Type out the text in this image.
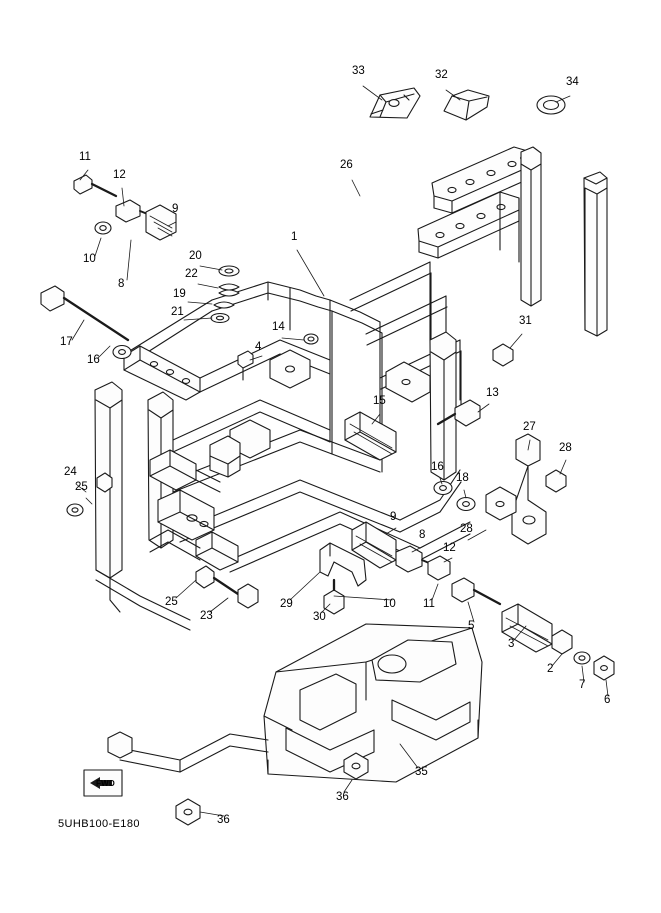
33	32
34
26
11
12
9
10
8
1
20
22
19
21
14	31
17
16
4
13
15
27
28
16
18
24
25
28
9
8
12
10 11
5
3
2
7
6
25
23
29
30
35
36
36
FWD
5UHB100-E180
